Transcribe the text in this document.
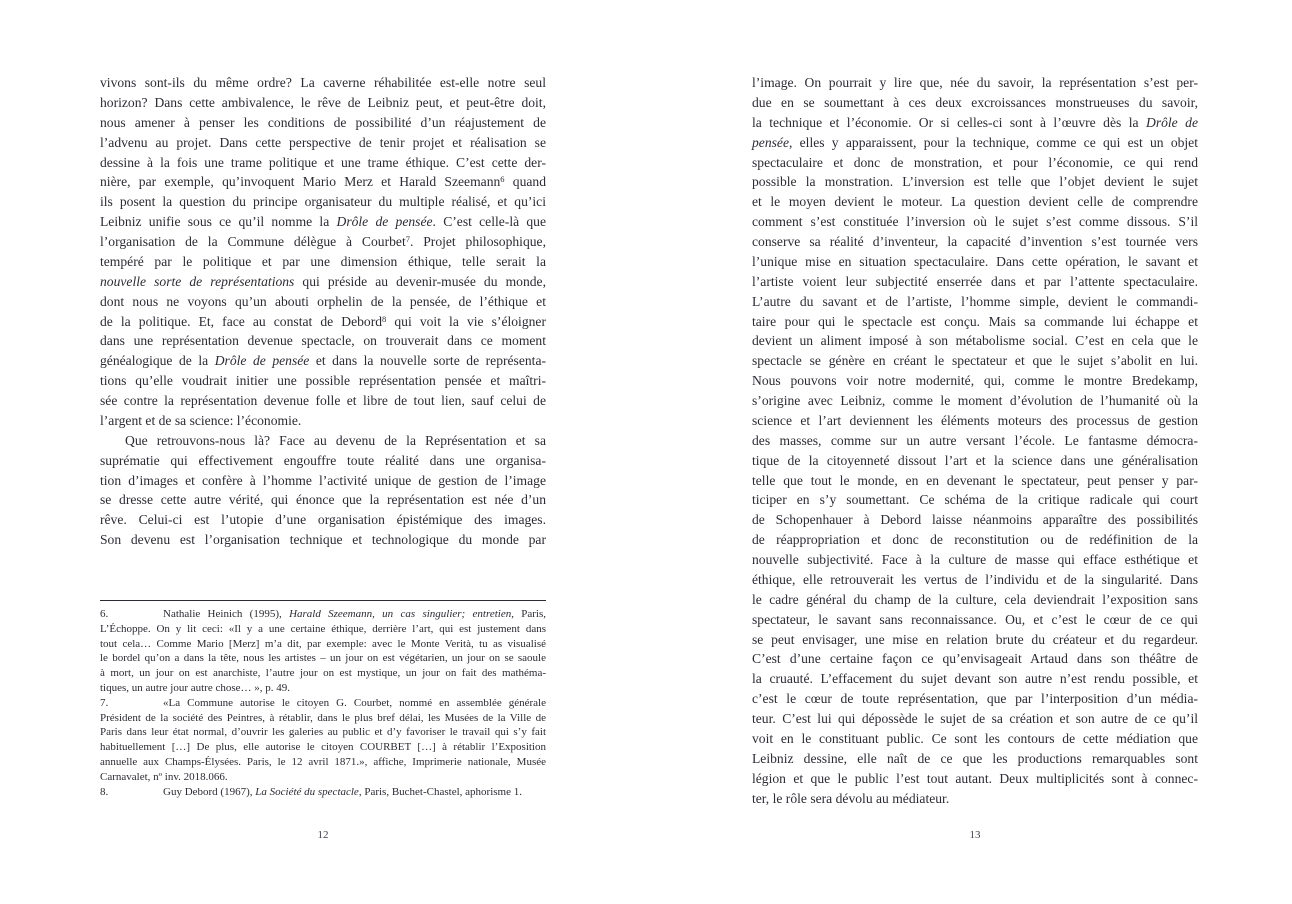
vivons sont-ils du même ordre? La caverne réhabilitée est-elle notre seul
horizon? Dans cette ambivalence, le rêve de Leibniz peut, et peut-être doit,
nous amener à penser les conditions de possibilité d’un réajustement de
l’advenu au projet. Dans cette perspective de tenir projet et réalisation se
dessine à la fois une trame politique et une trame éthique. C’est cette der-
nière, par exemple, qu’invoquent Mario Merz et Harald Szeemann$^6$ quand
ils posent la question du principe organisateur du multiple réalisé, et qu’ici
Leibniz unifie sous ce qu’il nomme la Drôle de pensée. C’est celle-là que
l’organisation de la Commune délègue à Courbet$^7$. Projet philosophique,
tempéré par le politique et par une dimension éthique, telle serait la
nouvelle sorte de représentations qui préside au devenir-musée du monde,
dont nous ne voyons qu’un abouti orphelin de la pensée, de l’éthique et
de la politique. Et, face au constat de Debord$^8$ qui voit la vie s’éloigner
dans une représentation devenue spectacle, on trouverait dans ce moment
généalogique de la Drôle de pensée et dans la nouvelle sorte de représenta-
tions qu’elle voudrait initier une possible représentation pensée et maîtri-
sée contre la représentation devenue folle et libre de tout lien, sauf celui de
l’argent et de sa science: l’économie.
Que retrouvons-nous là? Face au devenu de la Représentation et sa
suprématie qui effectivement engouffre toute réalité dans une organisa-
tion d’images et confère à l’homme l’activité unique de gestion de l’image
se dresse cette autre vérité, qui énonce que la représentation est née d’un
rêve. Celui-ci est l’utopie d’une organisation épistémique des images.
Son devenu est l’organisation technique et technologique du monde par
6.	Nathalie Heinich (1995), Harald Szeemann, un cas singulier; entretien, Paris,
L’Échoppe. On y lit ceci: «Il y a une certaine éthique, derrière l’art, qui est justement dans
tout cela… Comme Mario [Merz] m’a dit, par exemple: avec le Monte Verità, tu as visualisé
le bordel qu’on a dans la tête, nous les artistes – un jour on est végétarien, un jour on se saoule
à mort, un jour on est anarchiste, l’autre jour on est mystique, un jour on fait des mathéma-
tiques, un autre jour autre chose… », p. 49.
7.	«La Commune autorise le citoyen G. Courbet, nommé en assemblée générale
Président de la société des Peintres, à rétablir, dans le plus bref délai, les Musées de la Ville de
Paris dans leur état normal, d’ouvrir les galeries au public et d’y favoriser le travail qui s’y fait
habituellement […] De plus, elle autorise le citoyen COURBET […] à rétablir l’Exposition
annuelle aux Champs-Élysées. Paris, le 12 avril 1871.», affiche, Imprimerie nationale, Musée
Carnavalet, nº inv. 2018.066.
8.	Guy Debord (1967), La Société du spectacle, Paris, Buchet-Chastel, aphorisme 1.
12
l’image. On pourrait y lire que, née du savoir, la représentation s’est per-
due en se soumettant à ces deux excroissances monstrueuses du savoir,
la technique et l’économie. Or si celles-ci sont à l’œuvre dès la Drôle de
pensée, elles y apparaissent, pour la technique, comme ce qui est un objet
spectaculaire et donc de monstration, et pour l’économie, ce qui rend
possible la monstration. L’inversion est telle que l’objet devient le sujet
et le moyen devient le moteur. La question devient celle de comprendre
comment s’est constituée l’inversion où le sujet s’est comme dissous. S’il
conserve sa réalité d’inventeur, la capacité d’invention s’est tournée vers
l’unique mise en situation spectaculaire. Dans cette opération, le savant et
l’artiste voient leur subjectité enserrée dans et par l’attente spectaculaire.
L’autre du savant et de l’artiste, l’homme simple, devient le commandi-
taire pour qui le spectacle est conçu. Mais sa commande lui échappe et
devient un aliment imposé à son métabolisme social. C’est en cela que le
spectacle se génère en créant le spectateur et que le sujet s’abolit en lui.
Nous pouvons voir notre modernité, qui, comme le montre Bredekamp,
s’origine avec Leibniz, comme le moment d’évolution de l’humanité où la
science et l’art deviennent les éléments moteurs des processus de gestion
des masses, comme sur un autre versant l’école. Le fantasme démocra-
tique de la citoyenneté dissout l’art et la science dans une généralisation
telle que tout le monde, en en devenant le spectateur, peut penser y par-
ticiper en s’y soumettant. Ce schéma de la critique radicale qui court
de Schopenhauer à Debord laisse néanmoins apparaître des possibilités
de réappropriation et donc de reconstitution ou de redéfinition de la
nouvelle subjectivité. Face à la culture de masse qui efface esthétique et
éthique, elle retrouverait les vertus de l’individu et de la singularité. Dans
le cadre général du champ de la culture, cela deviendrait l’exposition sans
spectateur, le savant sans reconnaissance. Ou, et c’est le cœur de ce qui
se peut envisager, une mise en relation brute du créateur et du regardeur.
C’est d’une certaine façon ce qu’envisageait Artaud dans son théâtre de
la cruauté. L’effacement du sujet devant son autre n’est rendu possible, et
c’est le cœur de toute représentation, que par l’interposition d’un média-
teur. C’est lui qui dépossède le sujet de sa création et son autre de ce qu’il
voit en le constituant public. Ce sont les contours de cette médiation que
Leibniz dessine, elle naît de ce que les productions remarquables sont
légion et que le public l’est tout autant. Deux multiplicités sont à connec-
ter, le rôle sera dévolu au médiateur.
13
